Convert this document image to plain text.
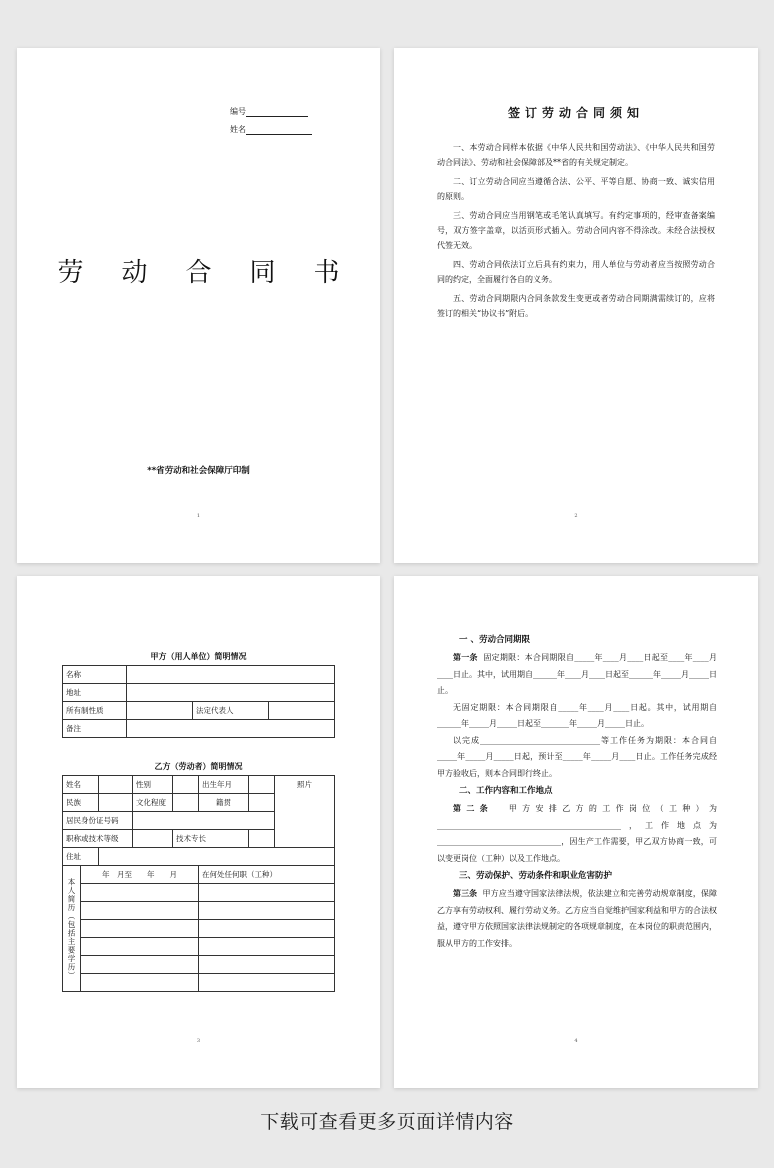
编号
姓名
劳动合同书
**省劳动和社会保障厅印制
1
签订劳动合同须知

一、本劳动合同样本依据《中华人民共和国劳动法》、《中华人民共和国劳动合同法》、劳动和社会保障部及**省的有关规定制定。

二、订立劳动合同应当遵循合法、公平、平等自愿、协商一致、诚实信用的原则。

三、劳动合同应当用钢笔或毛笔认真填写。有约定事项的，经审查备案编号，双方签字盖章，以活页形式插入。劳动合同内容不得涂改。未经合法授权代签无效。

四、劳动合同依法订立后具有约束力，用人单位与劳动者应当按照劳动合同的约定，全面履行各自的义务。

五、劳动合同期限内合同条款发生变更或者劳动合同期满需续订的，应将签订的相关“协议书”附后。

2
甲方（用人单位）简明情况
名称			
地址			
所有制性质		法定代表人	
备注			
乙方（劳动者）简明情况
姓名			性别		出生年月		照片
民族			文化程度		籍贯		
居民身份证号码							
职称或技术等级				技术专长			
住址							
本人简历（包括主要学历）	年　月至　　年　　月				在何处任何职（工种）		

3
一 、劳动合同期限

第一条 固定期限：本合同期限自_____年____月____日起至____年____月____日止。其中，试用期自______年____月____日起至______年_____月_____日止。

无固定期限：本合同期限自_____年____月____日起。其中，试用期自______年_____月_____日起至_______年_____月_____日止。

以完成______________________________等工作任务为期限：本合同自_____年_____月_____日起，预计至_____年_____月____日止。工作任务完成经甲方验收后，则本合同即行终止。

二、工作内容和工作地点

第二条 甲方安排乙方的工作岗位（工种）为______________________________________________，工作地点为_______________________________，因生产工作需要，甲乙双方协商一致，可以变更岗位（工种）以及工作地点。

三、劳动保护、劳动条件和职业危害防护

第三条 甲方应当遵守国家法律法规，依法建立和完善劳动规章制度，保障乙方享有劳动权利、履行劳动义务。乙方应当自觉维护国家利益和甲方的合法权益，遵守甲方依照国家法律法规制定的各项规章制度，在本岗位的职责范围内，服从甲方的工作安排。

4
下载可查看更多页面详情内容
